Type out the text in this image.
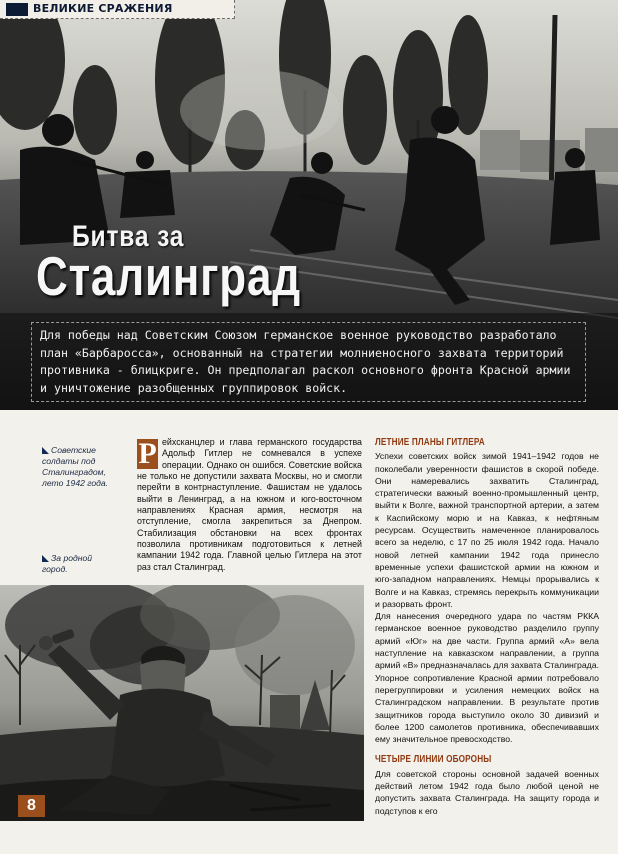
ВЕЛИКИЕ СРАЖЕНИЯ
Битва за
Сталинград
Для победы над Советским Союзом германское военное руководство разработало план «Барбаросса», основанный на стратегии молниеносного захвата территорий противника - блицкриге. Он предполагал раскол основного фронта Красной армии и уничтожение разобщенных группировок войск.
Советские солдаты под Сталинградом, лето 1942 года.
За родной город.
Р ейхсканцлер и глава германского государства Адольф Гитлер не сомневался в успехе операции. Однако он ошибся. Советские войска не только не допустили захвата Москвы, но и смогли перейти в контрнаступление. Фашистам не удалось выйти в Ленинград, а на южном и юго-восточном направлениях Красная армия, несмотря на отступление, смогла закрепиться за Днепром. Стабилизация обстановки на всех фронтах позволила противникам подготовиться к летней кампании 1942 года. Главной целью Гитлера на этот раз стал Сталинград.
ЛЕТНИЕ ПЛАНЫ ГИТЛЕРА

Успехи советских войск зимой 1941–1942 годов не поколебали уверенности фашистов в скорой победе. Они намеревались захватить Сталинград, стратегически важный военно-промышленный центр, выйти к Волге, важной транспортной артерии, а затем к Каспийскому морю и на Кавказ, к нефтяным ресурсам. Осуществить намеченное планировалось всего за неделю, с 17 по 25 июля 1942 года. Начало новой летней кампании 1942 года принесло временные успехи фашистской армии на южном и юго-западном направлениях. Немцы прорывались к Волге и на Кавказ, стремясь перекрыть коммуникации и разорвать фронт.

Для нанесения очередного удара по частям РККА германское военное руководство разделило группу армий «Юг» на две части. Группа армий «А» вела наступление на кавказском направлении, а группа армий «В» предназначалась для захвата Сталинграда. Упорное сопротивление Красной армии потребовало перегруппировки и усиления немецких войск на Сталинградском направлении. В результате против защитников города выступило около 30 дивизий и более 1200 самолетов противника, обеспечивавших ему значительное превосходство.

ЧЕТЫРЕ ЛИНИИ ОБОРОНЫ

Для советской стороны основной задачей военных действий летом 1942 года было любой ценой не допустить захвата Сталинграда. На защиту города и подступов к его

8
